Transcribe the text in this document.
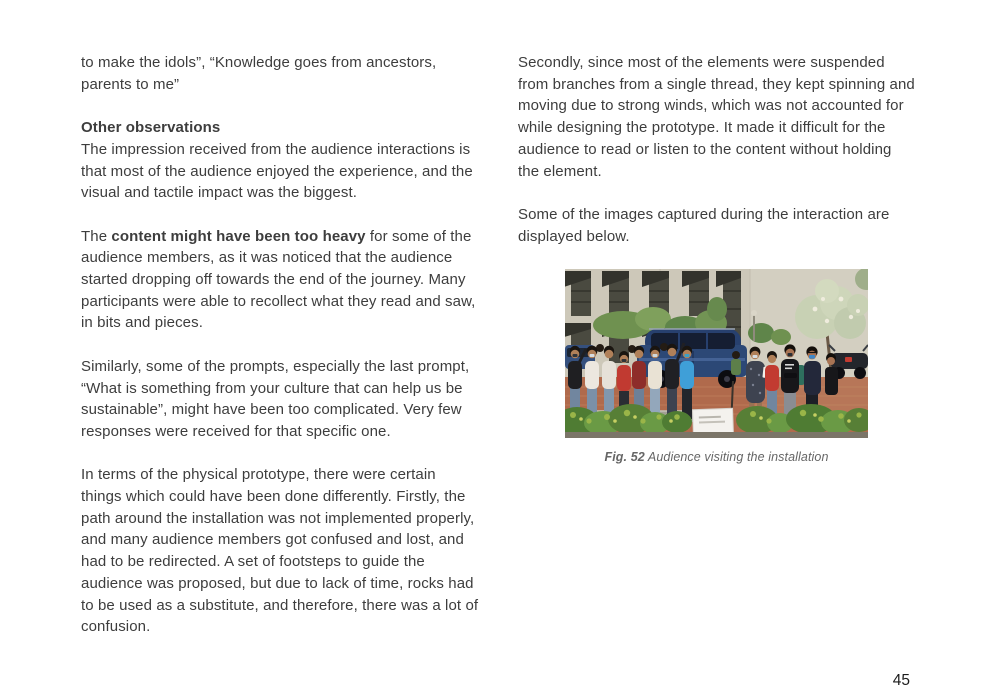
to make the idols”, “Knowledge goes from ancestors, parents to me”

Other observations

The impression received from the audience interactions is that most of the audience enjoyed the experience, and the visual and tactile impact was the biggest.

The content might have been too heavy for some of the audience members, as it was noticed that the audience started dropping off towards the end of the journey. Many participants were able to recollect what they read and saw, in bits and pieces.

Similarly, some of the prompts, especially the last prompt, “What is something from your culture that can help us be sustainable”, might have been too complicated. Very few responses were received for that specific one.

In terms of the physical prototype, there were certain things which could have been done differently. Firstly, the path around the installation was not implemented properly, and many audience members got confused and lost, and had to be redirected. A set of footsteps to guide the audience was proposed, but due to lack of time, rocks had to be used as a substitute, and therefore, there was a lot of confusion.

Secondly, since most of the elements were suspended from branches from a single thread, they kept spinning and moving due to strong winds, which was not accounted for while designing the prototype. It made it difficult for the audience to read or listen to the content without holding the element.

Some of the images captured during the interaction are displayed below.

Fig. 52 Audience visiting the installation
45
